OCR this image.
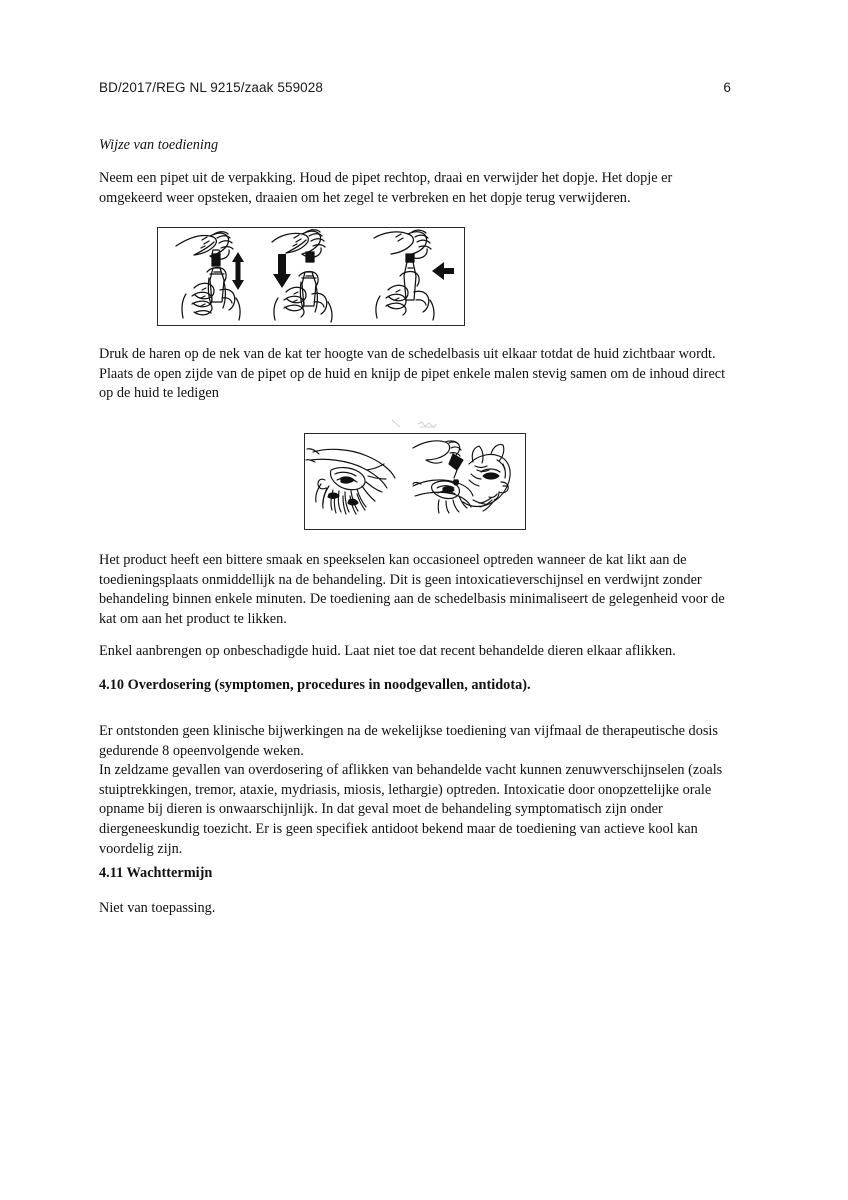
BD/2017/REG NL 9215/zaak 559028	6
Wijze van toediening
Neem een pipet uit de verpakking. Houd de pipet rechtop, draai en verwijder het dopje. Het dopje er omgekeerd weer opsteken, draaien om het zegel te verbreken en het dopje terug verwijderen.
Druk de haren op de nek van de kat ter hoogte van de schedelbasis uit elkaar totdat de huid zichtbaar wordt. Plaats de open zijde van de pipet op de huid en knijp de pipet enkele malen stevig samen om de inhoud direct op de huid te ledigen
Het product heeft een bittere smaak en speekselen kan occasioneel optreden wanneer de kat likt aan de toedieningsplaats onmiddellijk na de behandeling. Dit is geen intoxicatieverschijnsel en verdwijnt zonder behandeling binnen enkele minuten. De toediening aan de schedelbasis minimaliseert de gelegenheid voor de kat om aan het product te likken.
Enkel aanbrengen op onbeschadigde huid. Laat niet toe dat recent behandelde dieren elkaar aflikken.
4.10 Overdosering (symptomen, procedures in noodgevallen, antidota).
Er ontstonden geen klinische bijwerkingen na de wekelijkse toediening van vijfmaal de therapeutische dosis gedurende 8 opeenvolgende weken.
In zeldzame gevallen van overdosering of aflikken van behandelde vacht kunnen zenuwverschijnselen (zoals stuiptrekkingen, tremor, ataxie, mydriasis, miosis, lethargie) optreden. Intoxicatie door onopzettelijke orale opname bij dieren is onwaarschijnlijk. In dat geval moet de behandeling symptomatisch zijn onder diergeneeskundig toezicht. Er is geen specifiek antidoot bekend maar de toediening van actieve kool kan voordelig zijn.
4.11 Wachttermijn
Niet van toepassing.
